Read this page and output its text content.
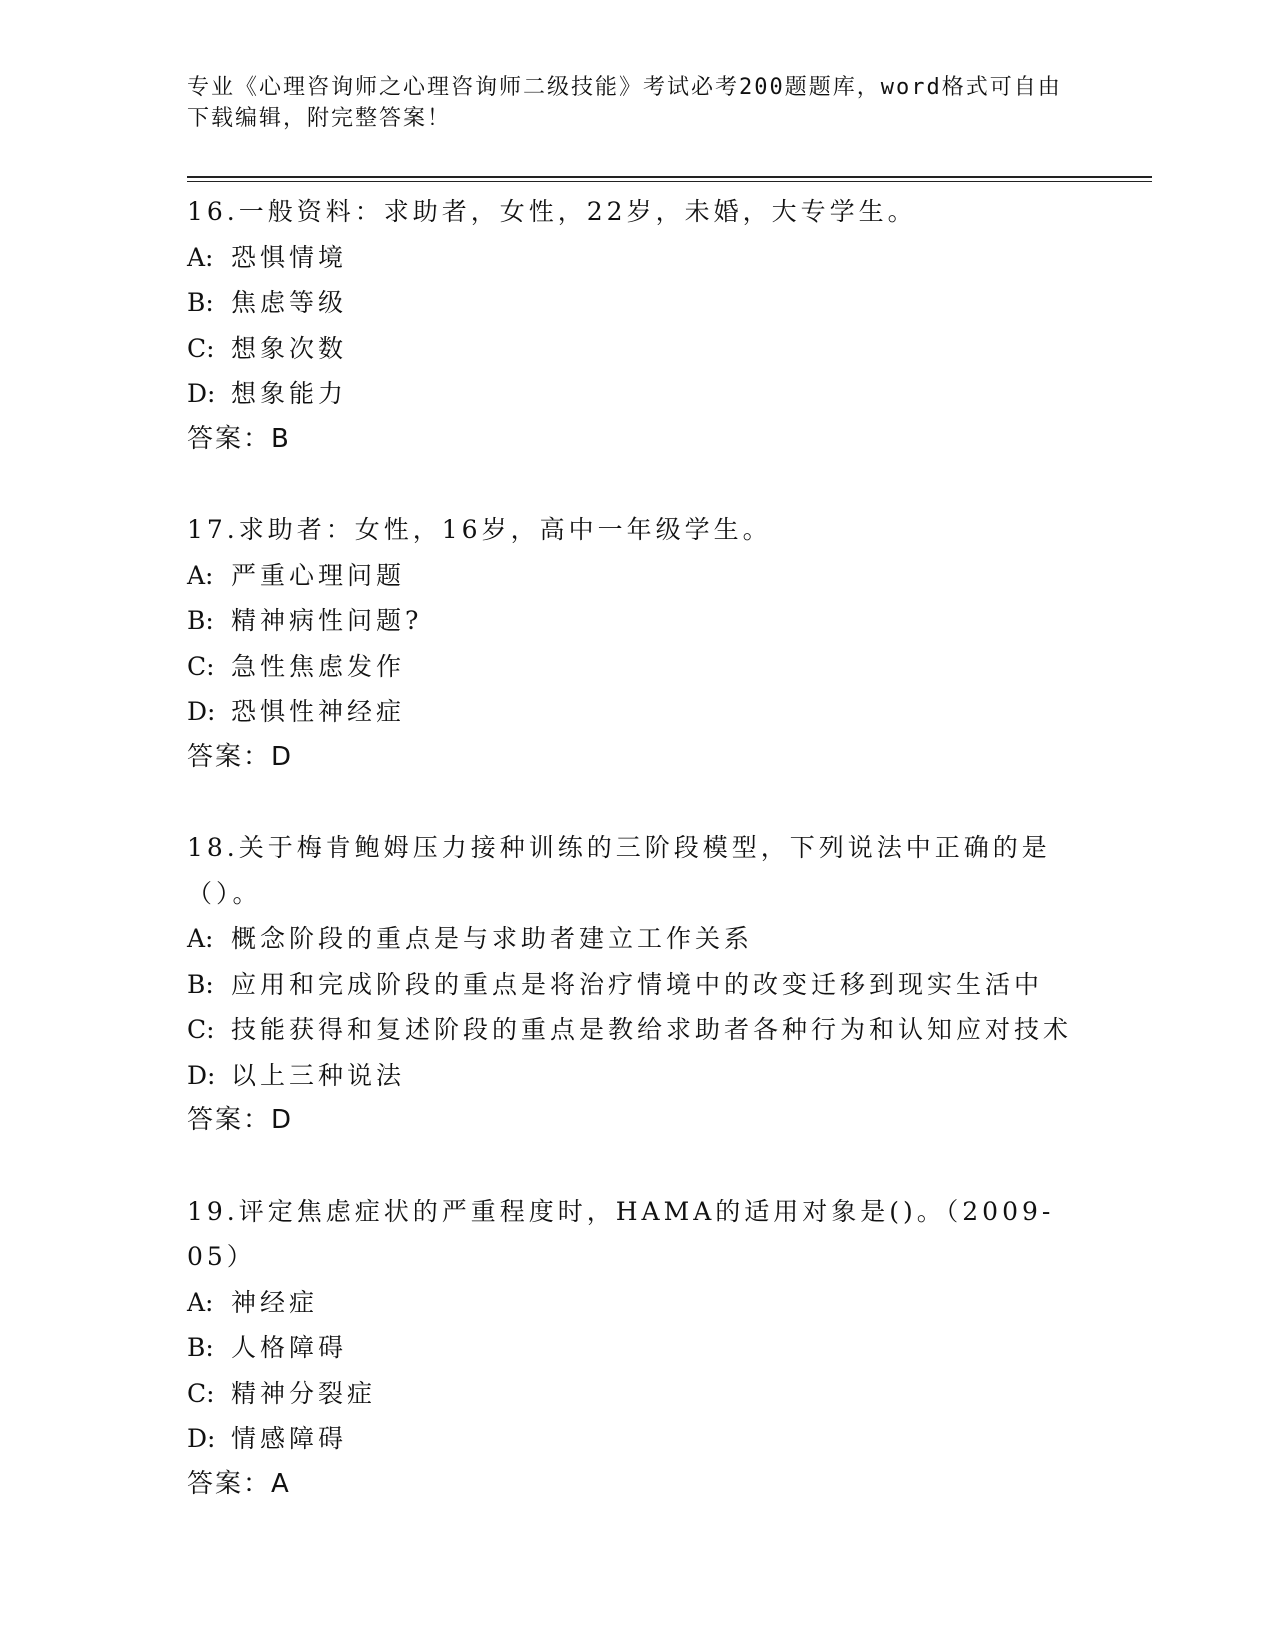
专业《心理咨询师之心理咨询师二级技能》考试必考200题题库，word格式可自由下载编辑，附完整答案！
16.一般资料：求助者，女性，22岁，未婚，大专学生。
A: 恐惧情境
B: 焦虑等级
C: 想象次数
D: 想象能力
答案：B
17.求助者：女性，16岁，高中一年级学生。
A: 严重心理问题
B: 精神病性问题?
C: 急性焦虑发作
D: 恐惧性神经症
答案：D
18.关于梅肯鲍姆压力接种训练的三阶段模型，下列说法中正确的是（）。
A: 概念阶段的重点是与求助者建立工作关系
B: 应用和完成阶段的重点是将治疗情境中的改变迁移到现实生活中
C: 技能获得和复述阶段的重点是教给求助者各种行为和认知应对技术
D: 以上三种说法
答案：D
19.评定焦虑症状的严重程度时，HAMA的适用对象是()。（2009-05）
A: 神经症
B: 人格障碍
C: 精神分裂症
D: 情感障碍
答案：A
